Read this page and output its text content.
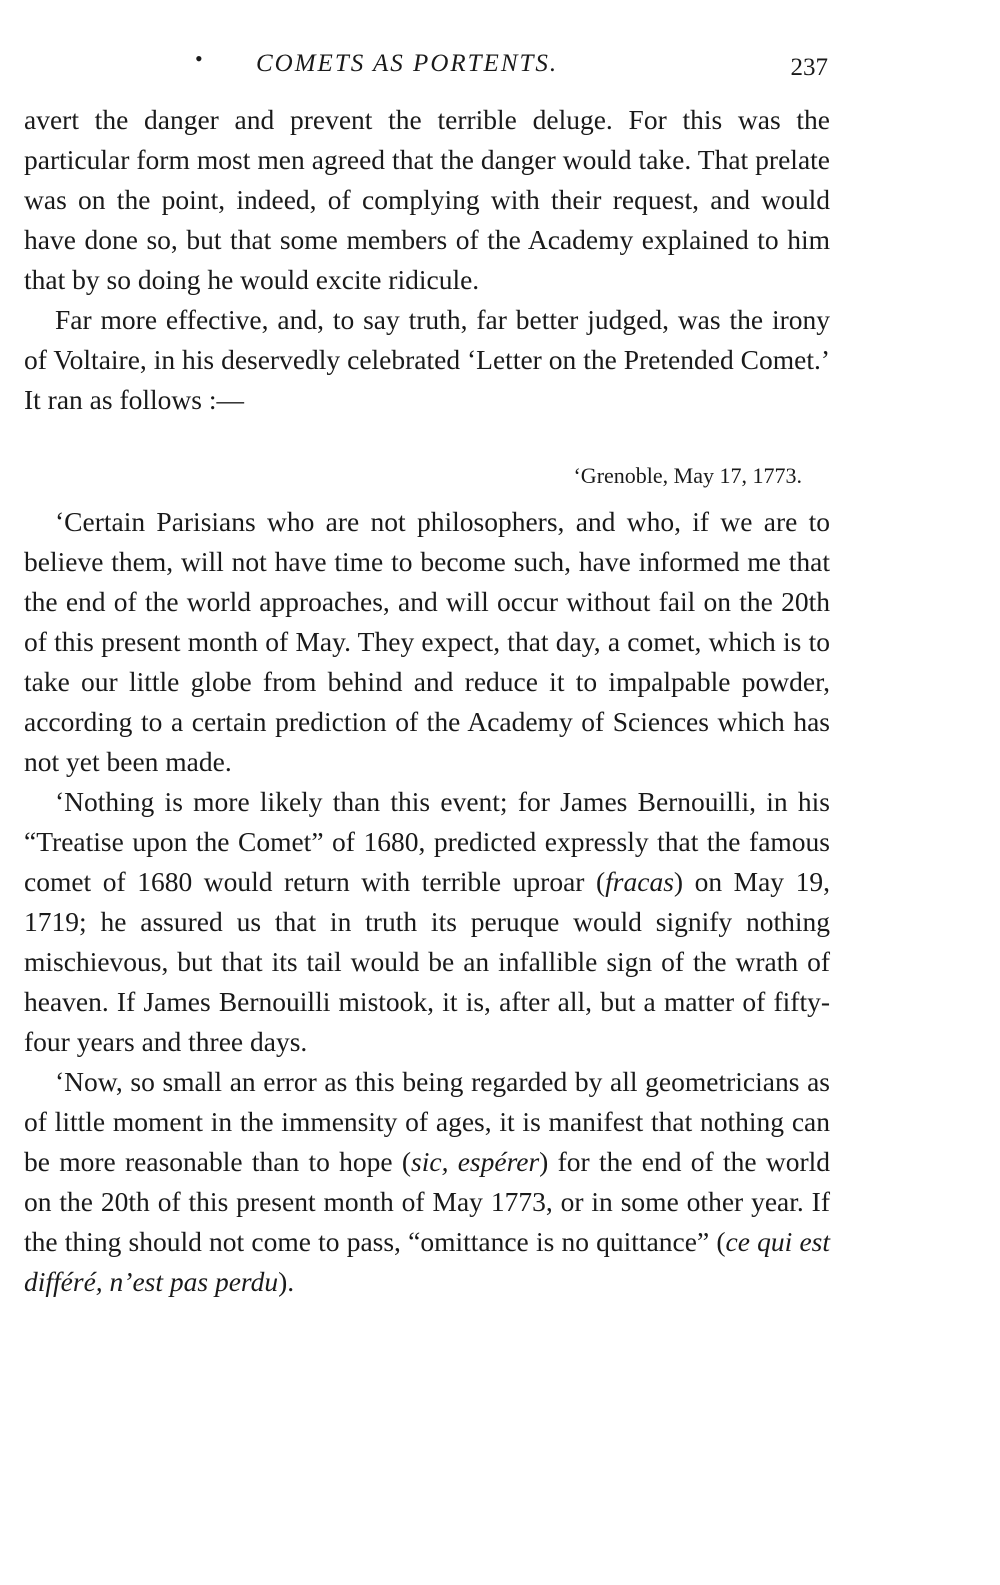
• COMETS AS PORTENTS.	237

avert the danger and prevent the terrible deluge. For this was the particular form most men agreed that the danger would take. That prelate was on the point, indeed, of complying with their request, and would have done so, but that some members of the Academy explained to him that by so doing he would excite ridicule.

Far more effective, and, to say truth, far better judged, was the irony of Voltaire, in his deservedly celebrated ‘Letter on the Pretended Comet.’ It ran as follows :—

‘Grenoble, May 17, 1773.

‘Certain Parisians who are not philosophers, and who, if we are to believe them, will not have time to become such, have informed me that the end of the world approaches, and will occur without fail on the 20th of this present month of May. They expect, that day, a comet, which is to take our little globe from behind and reduce it to impalpable powder, according to a certain prediction of the Academy of Sciences which has not yet been made.

‘Nothing is more likely than this event; for James Bernouilli, in his “Treatise upon the Comet” of 1680, predicted expressly that the famous comet of 1680 would return with terrible uproar (fracas) on May 19, 1719; he assured us that in truth its peruque would signify nothing mischievous, but that its tail would be an infallible sign of the wrath of heaven. If James Bernouilli mistook, it is, after all, but a matter of fifty-four years and three days.

‘Now, so small an error as this being regarded by all geometricians as of little moment in the immensity of ages, it is manifest that nothing can be more reasonable than to hope (sic, espérer) for the end of the world on the 20th of this present month of May 1773, or in some other year. If the thing should not come to pass, “omittance is no quittance” (ce qui est différé, n’est pas perdu).
